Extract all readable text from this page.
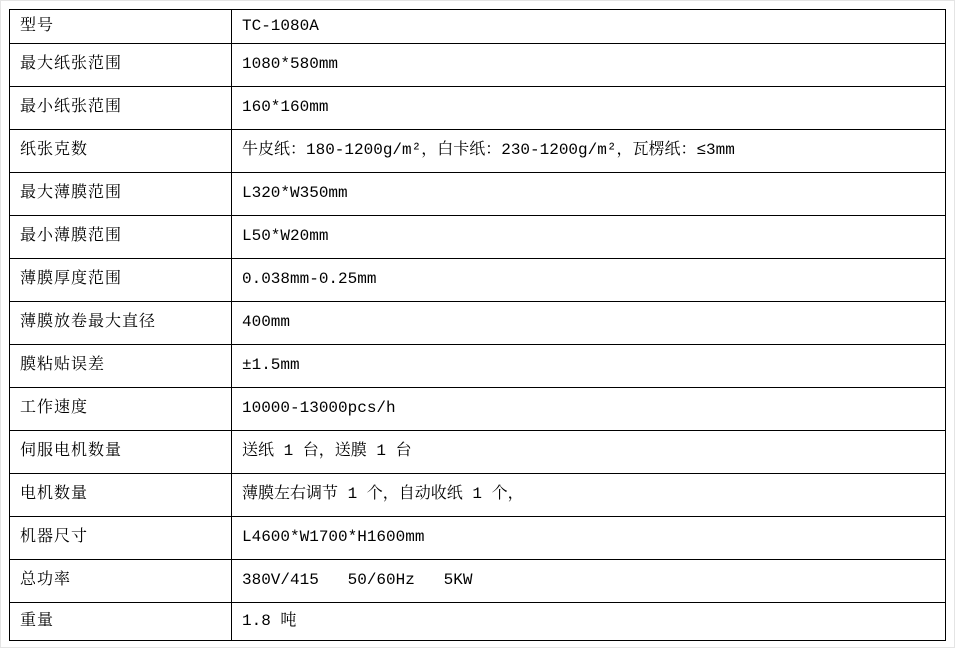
型号	TC-1080A
最大纸张范围	1080*580mm
最小纸张范围	160*160mm
纸张克数	牛皮纸：180-1200g/m²，白卡纸：230-1200g/m²，瓦楞纸：≤3mm
最大薄膜范围	L320*W350mm
最小薄膜范围	L50*W20mm
薄膜厚度范围	0.038mm-0.25mm
薄膜放卷最大直径	400mm
膜粘贴误差	±1.5mm
工作速度	10000-13000pcs/h
伺服电机数量	送纸 1 台，送膜 1 台
电机数量	薄膜左右调节 1 个，自动收纸 1 个，
机器尺寸	L4600*W1700*H1600mm
总功率	380V/415   50/60Hz   5KW
重量	1.8 吨
